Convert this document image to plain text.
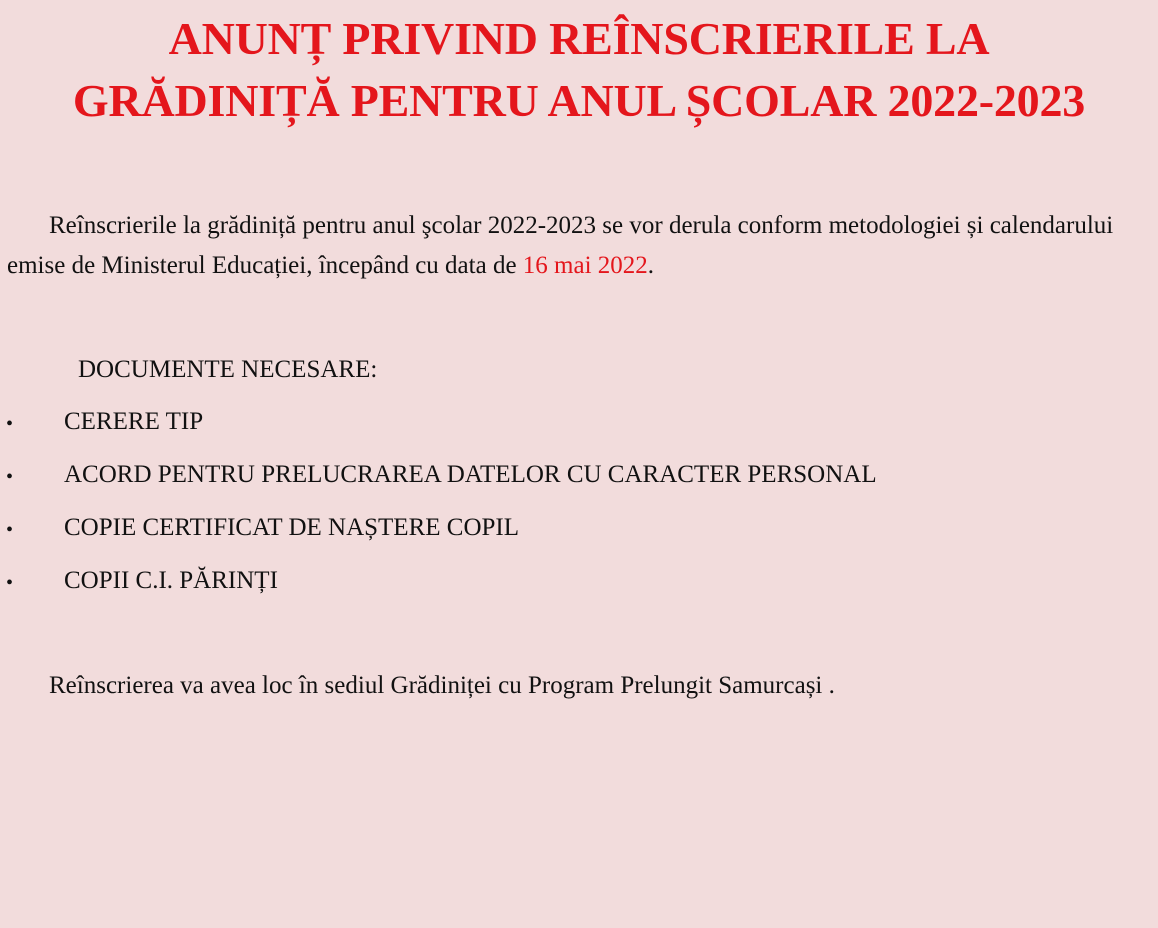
ANUNȚ PRIVIND REÎNSCRIERILE LA
GRĂDINIȚĂ PENTRU ANUL ȘCOLAR 2022-2023

Reînscrierile la grădiniță pentru anul şcolar 2022-2023 se vor derula conform metodologiei și calendarului emise de Ministerul Educației, începând cu data de 16 mai 2022.

DOCUMENTE NECESARE:

• CERERE TIP
• ACORD PENTRU PRELUCRAREA DATELOR CU CARACTER PERSONAL
• COPIE CERTIFICAT DE NAȘTERE COPIL
• COPII C.I. PĂRINȚI

Reînscrierea va avea loc în sediul Grădiniței cu Program Prelungit Samurcași .
